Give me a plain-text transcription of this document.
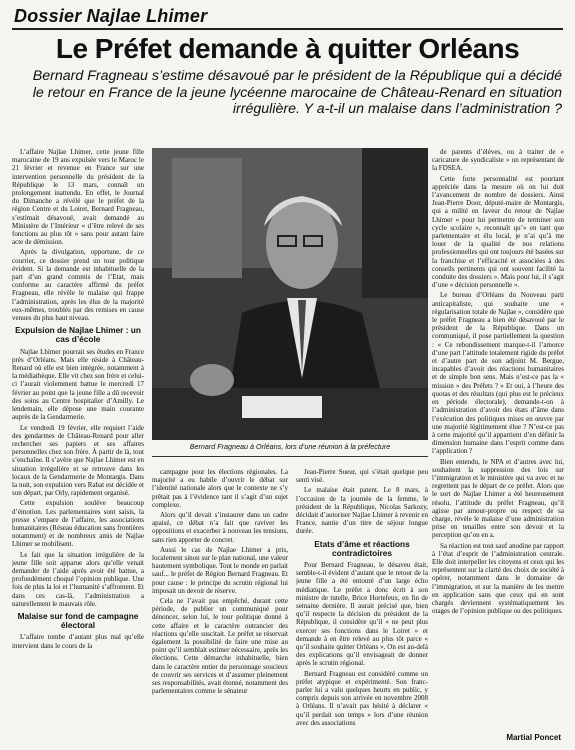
Dossier Najlae Lhimer
Le Préfet demande à quitter Orléans
Bernard Fragneau s’estime désavoué par le président de la République qui a décidé le retour en France de la jeune lycéenne marocaine de Château-Renard en situation irrégulière. Y a-t-il un malaise dans l’administration ?

L’affaire Najlae Lhimer, cette jeune fille marocaine de 19 ans expulsée vers le Maroc le 21 février et revenue en France sur une intervention personnelle du président de la République le 13 mars, connaît un prolongement inattendu. En effet, le Journal du Dimanche a révélé que le préfet de la région Centre et du Loiret, Bernard Fragneau, s’estimait désavoué, avait demandé au Ministère de l’Intérieur « d’être relevé de ses fonctions au plus tôt » sans pour autant faire acte de démission.

Après la divulgation, opportune, de ce courrier, ce dossier prend un tour politique évident. Si la demande est inhabituelle de la part d’un grand commis de l’Etat, mais conforme au caractère affirmé du préfet Fragneau, elle révèle le malaise qui frappe l’administration, après les élus de la majorité eux-mêmes, troublés par des remises en cause venues du plus haut niveau.

Expulsion de Najlae Lhimer : un cas d’école

Najlae Lhimer pourrait ses études en France près d’Orléans. Mais elle réside à Château-Renard où elle est bien intégrée, notamment à la médiathèque. Elle vit chez son frère et celui-ci l’aurait violemment battue le mercredi 17 février au point que la jeune fille a dû recevoir des soins au Centre hospitalier d’Amilly. Le lendemain, elle dépose une main courante auprès de la Gendarmerie.

Le vendredi 19 février, elle requiert l’aide des gendarmes de Château-Renard pour aller rechercher ses papiers et ses affaires personnelles chez son frère. À partir de là, tout s’enchaîne. Il s’avère que Najlae Lhimer est en situation irrégulière et se retrouve dans les locaux de la Gendarmerie de Montargis. Dans la nuit, son expulsion vers Rabat est décidée et son départ, par Orly, rapidement organisé.

Cette expulsion soulève beaucoup d’émotion. Les parlementaires sont saisis, la presse s’empare de l’affaire, les associations humanitaires (Réseau éducation sans frontières notamment) et de nombreux amis de Najlae Lhimer se mobilisent.

Le fait que la situation irrégulière de la jeune fille soit apparue alors qu’elle venait demander de l’aide après avoir été battue, a profondément choqué l’opinion publique. Une fois de plus la loi et l’humanité s’affrontent. Et dans ces cas-là, l’administration a naturellement le mauvais rôle.

Malaise sur fond de campagne électoral

L’affaire tombe d’autant plus mal qu’elle intervient dans le cours de la

Bernard Fragneau à Orléans, lors d’une réunion à la préfecture

campagne pour les élections régionales. La majorité a eu habile d’ouvrir le débat sur l’identité nationale alors que le contexte ne s’y prêtait pas à l’évidence tant il s’agit d’un sujet complexe.

Alors qu’il devait s’instaurer dans un cadre apaisé, ce débat n’a fait que raviver les oppositions et exacerber à nouveau les tensions, sans rien apporter de concret.

Aussi le cas de Najlae Lhimer a pris, localement sinon sur le plan national, une valeur hautement symbolique. Tout le monde en parlait sauf... le préfet de Région Bernard Fragneau. Et pour cause : le principe du scrutin régional lui imposait un devoir de réserve.

Cela ne l’avait pas empêché, durant cette période, de publier un communiqué pour dénoncer, selon lui, le tour politique donné à cette affaire et le caractère outrancier des réactions qu’elle suscitait. Le préfet se réservait également la possibilité de faire une mise au point qu’il semblait estimer nécessaire, après les élections. Cette démarche inhabituelle, bien dans le caractère entier du personnage soucieux de couvrir ses services et d’assumer pleinement ses responsabilités, avait étonné, notamment des parlementaires comme le sénateur

Jean-Pierre Sueur, qui s’était quelque peu senti visé.

Le malaise était patent. Le 8 mars, à l’occasion de la journée de la femme, le président de la République, Nicolas Sarkozy, décidait d’autoriser Najlae Lhimer à revenir en France, nantie d’un titre de séjour longue durée.

Etats d’âme et réactions contradictoires

Pour Bernard Fragneau, le désaveu était, semble-t-il évident d’autant que le retour de la jeune fille a été entouré d’un large écho médiatique. Le préfet a donc écrit à son ministre de tutelle, Brice Hortefeux, en fin de semaine dernière. Il aurait précisé que, bien qu’il respecte la décision du président de la République, il considère qu’il « ne peut plus exercer ses fonctions dans le Loiret » et demande à en être relevé au plus tôt parce « qu’il souhaite quitter Orléans ». On est au-delà des explications qu’il envisageait de donner après le scrutin régional.

Bernard Fragneau est considéré comme un préfet atypique et expérimenté. Son franc-parler lui a valu quelques heurts en public, y compris depuis son arrivée en novembre 2008 à Orléans. Il n’avait pas hésité à déclarer « qu’il perdait son temps » lors d’une réunion avec des associations

de parents d’élèves, ou à traiter de « caricature de syndicaliste » un représentant de la FDSEA.

Cette forte personnalité est pourtant appréciée dans la mesure où on lui doit l’avancement de nombre de dossiers. Ainsi Jean-Pierre Door, député-maire de Montargis, qui a milité en faveur du retour de Najlae Lhimer « pour lui permettre de terminer son cycle scolaire », reconnaît qu’« en tant que parlementaire et élu local, je n’ai qu’à me louer de la qualité de nos relations professionnelles qui ont toujours été basées sur la franchise et l’efficacité et associées à des conseils pertinents qui ont souvent facilité la conduite des dossiers ». Mais pour lui, il s’agit d’une « décision personnelle ».

Le bureau d’Orléans du Nouveau parti anticapitaliste, qui souhaite une « régularisation totale de Najlae », considère que le préfet Fragneau a bien été désavoué par le président de la République. Dans un communiqué, il pose partiellement la question : « Ce rebondissement marque-t-il l’amorce d’une part l’attitude totalement rigide du préfet et d’autre part de son adjoint M. Bergue, incapables d’avoir des réactions humanitaires et de simple bon sens. Mais n’est-ce pas la « mission » des Préfets ? » Et oui, à l’heure des quotas et des résultats (qui plus est le précieux en période électorale), demande-t-on à l’administration d’avoir des états d’âme dans l’exécution des politiques mises en œuvre par une majorité légitimement élue ? N’est-ce pas à cette majorité qu’il appartient d’en définir la dimension humaine dans l’esprit comme dans l’application ?

Bien entendu, le NPA et d’autres avec lui, souhaitent la suppression des lois sur l’immigration et le ministère qui va avec et ne regrettent pas le départ de ce préfet. Alors que le sort de Najlae Lhimer a été heureusement résolu, l’attitude du préfet Fragneau, qu’il agisse par amour-propre ou respect de sa charge, révèle le malaise d’une administration prise en tenailles entre son devoir et la perception qu’on en a.

Sa réaction est tout sauf anodine par rapport à l’état d’esprit de l’administration centrale. Elle doit interpeller les citoyens et ceux qui les représentent sur la clarté des choix de société à opérer, notamment dans le domaine de l’immigration, et sur la manière de les mettre en application sans que ceux qui en sont chargés deviennent systématiquement les otages de l’opinion publique ou des politiques.

Martial Poncet
